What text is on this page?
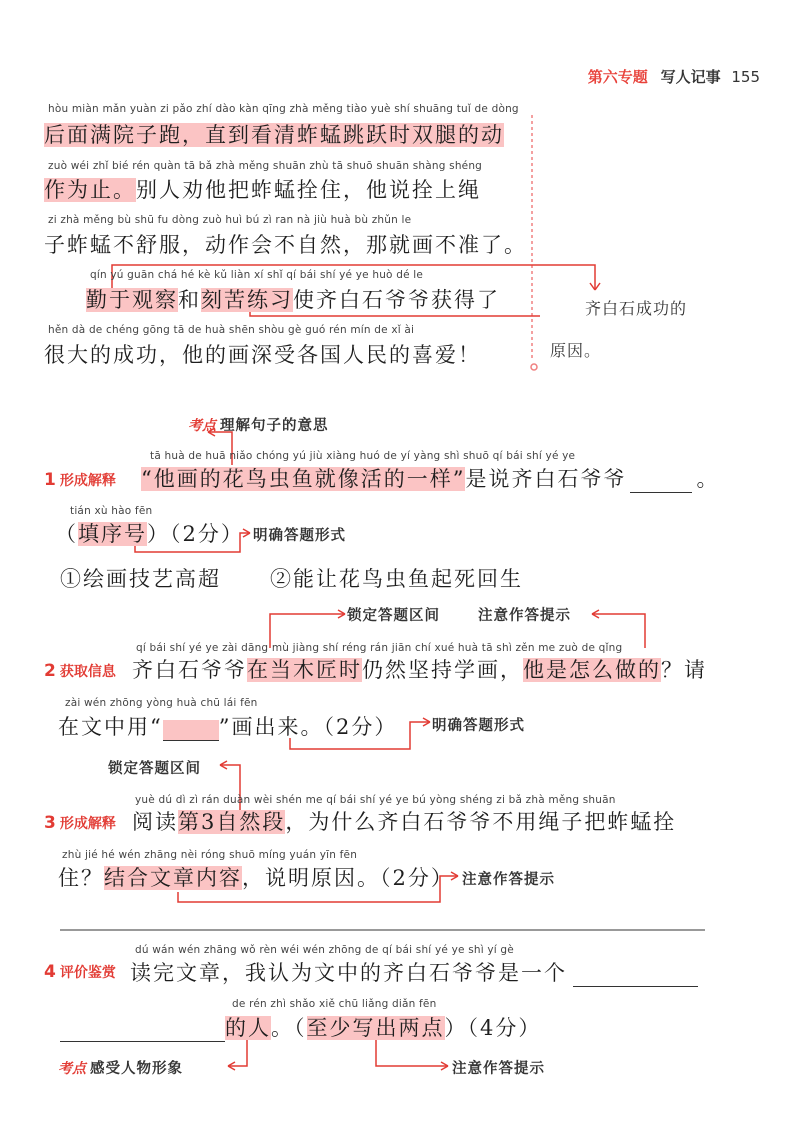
第六专题 写人记事 155
hòu miàn mǎn yuàn zi pǎo zhí dào kàn qīng zhà měng tiào yuè shí shuāng tuǐ de dòng
后面满院子跑，直到看清蚱蜢跳跃时双腿的动
zuò wéi zhǐ bié rén quàn tā bǎ zhà měng shuān zhù tā shuō shuān shàng shéng
作为止。别人劝他把蚱蜢拴住，他说拴上绳
zi zhà měng bù shū fu dòng zuò huì bú zì ran nà jiù huà bù zhǔn le
子蚱蜢不舒服，动作会不自然，那就画不准了。
qín yú guān chá hé kè kǔ liàn xí shǐ qí bái shí yé ye huò dé le
勤于观察和刻苦练习使齐白石爷爷获得了
hěn dà de chéng gōng tā de huà shēn shòu gè guó rén mín de xǐ ài
很大的成功，他的画深受各国人民的喜爱！
齐白石成功的
原因。
考点 理解句子的意思
tā huà de huā niǎo chóng yú jiù xiàng huó de yí yàng shì shuō qí bái shí yé ye
1 形成解释 “他画的花鸟虫鱼就像活的一样”是说齐白石爷爷	。
tián xù hào fēn
（填序号）（2分） 明确答题形式
①绘画技艺高超 ②能让花鸟虫鱼起死回生
锁定答题区间	注意作答提示
qí bái shí yé ye zài dāng mù jiàng shí réng rán jiān chí xué huà tā shì zěn me zuò de qǐng
2 获取信息 齐白石爷爷在当木匠时仍然坚持学画，他是怎么做的？请
zài wén zhōng yòng huà chū lái fēn
在文中用“	”画出来。（2分） 明确答题形式
锁定答题区间
yuè dú dì zì rán duàn wèi shén me qí bái shí yé ye bú yòng shéng zi bǎ zhà měng shuān
3 形成解释 阅读第3自然段，为什么齐白石爷爷不用绳子把蚱蜢拴
zhù jié hé wén zhāng nèi róng shuō míng yuán yīn fēn
住？结合文章内容，说明原因。（2分） 注意作答提示
dú wán wén zhāng wǒ rèn wéi wén zhōng de qí bái shí yé ye shì yí gè
4 评价鉴赏 读完文章，我认为文中的齐白石爷爷是一个
de rén zhì shǎo xiě chū liǎng diǎn fēn
的人。（至少写出两点）（4分）
考点 感受人物形象	注意作答提示
